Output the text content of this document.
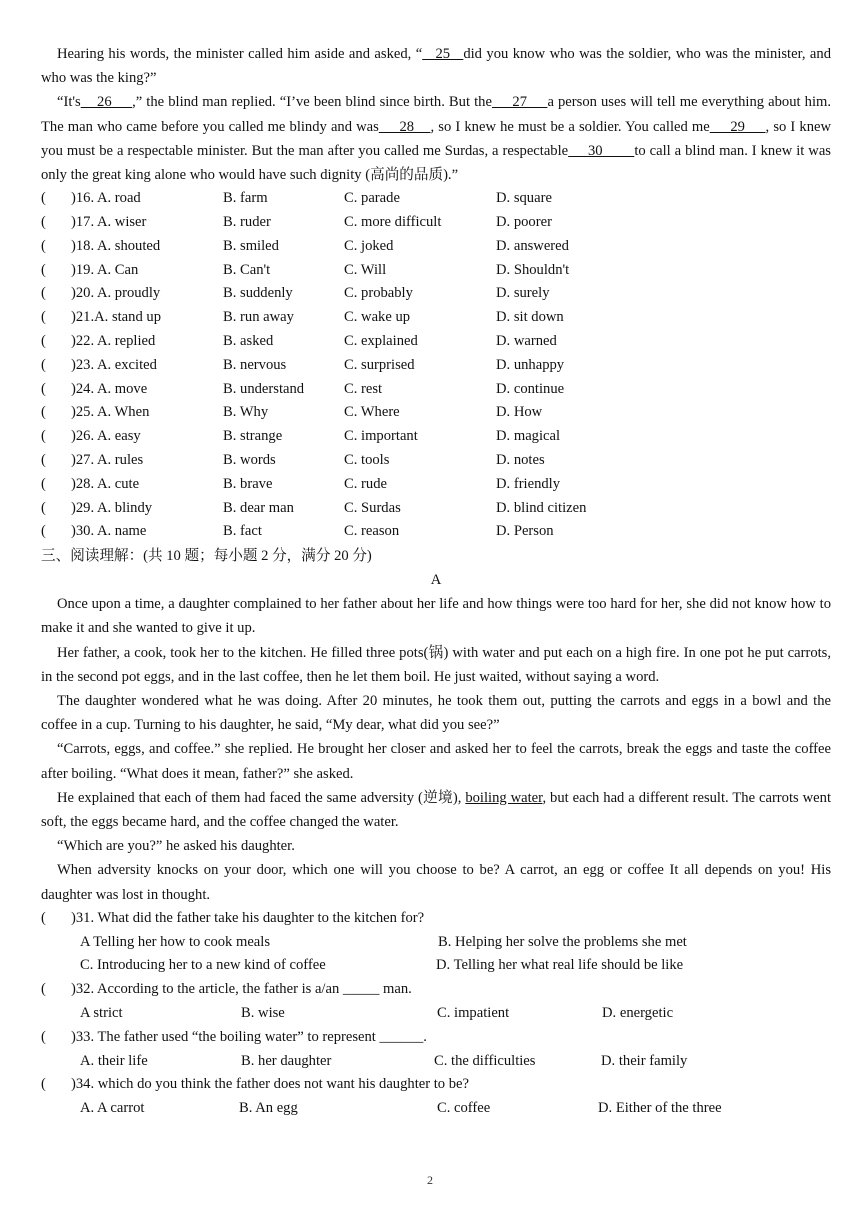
Hearing his words, the minister called him aside and asked, “   25   did you know who was the soldier, who was the minister, and who was the king?”

“It's    26     ,” the blind man replied. “I’ve been blind since birth. But the     27     a person uses will tell me everything about him. The man who came before you called me blindy and was     28    , so I knew he must be a soldier. You called me     29     , so I knew you must be a respectable minister. But the man after you called me Surdas, a respectable     30        to call a blind man. I knew it was only the great king alone who would have such dignity (高尚的品质).”

(	)16. A. road	B. farm	C. parade	D. square
(	)17. A. wiser	B. ruder	C. more difficult	D. poorer
(	)18. A. shouted	B. smiled	C. joked	D. answered
(	)19. A. Can	B. Can't	C. Will	D. Shouldn't
(	)20. A. proudly	B. suddenly	C. probably	D. surely
(	)21.A. stand up	B. run away	C. wake up	D. sit down
(	)22. A. replied	B. asked	C. explained	D. warned
(	)23. A. excited	B. nervous	C. surprised	D. unhappy
(	)24. A. move	B. understand	C. rest	D. continue
(	)25. A. When	B. Why	C. Where	D. How
(	)26. A. easy	B. strange	C. important	D. magical
(	)27. A. rules	B. words	C. tools	D. notes
(	)28. A. cute	B. brave	C. rude	D. friendly
(	)29. A. blindy	B. dear man	C. Surdas	D. blind citizen
(	)30. A. name	B. fact	C. reason	D. Person
三、阅读理解：(共 10 题；每小题 2 分，满分 20 分)
A

Once upon a time, a daughter complained to her father about her life and how things were too hard for her, she did not know how to make it and she wanted to give it up.

Her father, a cook, took her to the kitchen. He filled three pots(锅) with water and put each on a high fire. In one pot he put carrots, in the second pot eggs, and in the last coffee, then he let them boil. He just waited, without saying a word.

The daughter wondered what he was doing. After 20 minutes, he took them out, putting the carrots and eggs in a bowl and the coffee in a cup. Turning to his daughter, he said, “My dear, what did you see?”

“Carrots, eggs, and coffee.” she replied. He brought her closer and asked her to feel the carrots, break the eggs and taste the coffee after boiling. “What does it mean, father?” she asked.

He explained that each of them had faced the same adversity (逆境), boiling water, but each had a different result. The carrots went soft, the eggs became hard, and the coffee changed the water.

“Which are you?” he asked his daughter.

When adversity knocks on your door, which one will you choose to be? A carrot, an egg or coffee It all depends on you! His daughter was lost in thought.

( )31. What did the father take his daughter to the kitchen for?
A Telling her how to cook meals	B. Helping her solve the problems she met
C. Introducing her to a new kind of coffee	D. Telling her what real life should be like
( )32. According to the article, the father is a/an _____ man.
A strict	B. wise	C. impatient	D. energetic
( )33. The father used “the boiling water” to represent ______.
A. their life	B. her daughter	C. the difficulties	D. their family
( )34. which do you think the father does not want his daughter to be?
A. A carrot	B. An egg	C. coffee	D. Either of the three
2
